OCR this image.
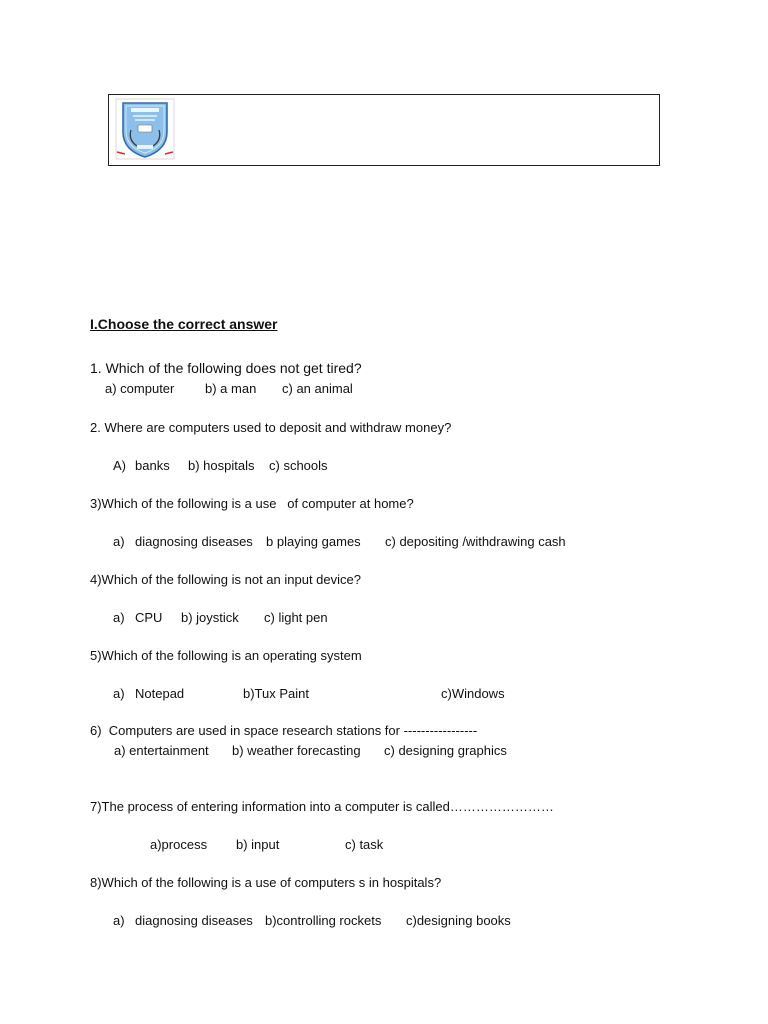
I.Choose the correct answer
1. Which of the following does not get tired?
a) computer b) a man c) an animal
2. Where are computers used to deposit and withdraw money?
A) banks b) hospitals c) schools
3)Which of the following is a use   of computer at home?
a) diagnosing diseases b playing games c) depositing /withdrawing cash
4)Which of the following is not an input device?
a) CPU b) joystick c) light pen
5)Which of the following is an operating system
a) Notepad	b)Tux Paint	c)Windows
6)  Computers are used in space research stations for -----------------
a) entertainment b) weather forecasting c) designing graphics
7)The process of entering information into a computer is called……………………
a)process b) input	c) task
8)Which of the following is a use of computers s in hospitals?
a) diagnosing diseases b)controlling rockets c)designing books
